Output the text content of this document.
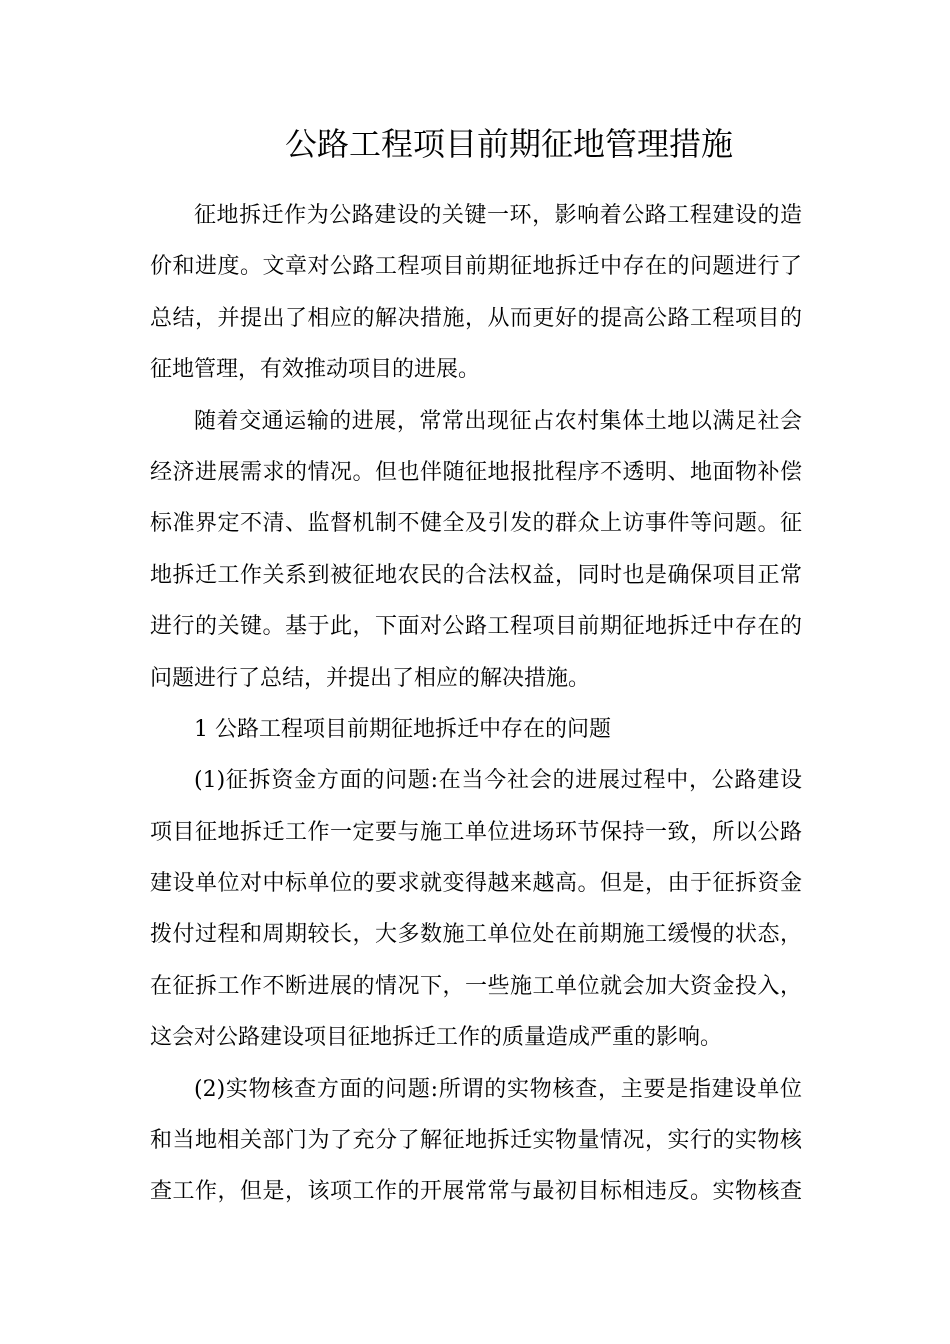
公路工程项目前期征地管理措施
征地拆迁作为公路建设的关键一环，影响着公路工程建设的造
价和进度。文章对公路工程项目前期征地拆迁中存在的问题进行了
总结，并提出了相应的解决措施，从而更好的提高公路工程项目的
征地管理，有效推动项目的进展。
随着交通运输的进展，常常出现征占农村集体土地以满足社会
经济进展需求的情况。但也伴随征地报批程序不透明、地面物补偿
标准界定不清、监督机制不健全及引发的群众上访事件等问题。征
地拆迁工作关系到被征地农民的合法权益，同时也是确保项目正常
进行的关键。基于此，下面对公路工程项目前期征地拆迁中存在的
问题进行了总结，并提出了相应的解决措施。
1 公路工程项目前期征地拆迁中存在的问题
(1)征拆资金方面的问题:在当今社会的进展过程中，公路建设
项目征地拆迁工作一定要与施工单位进场环节保持一致，所以公路
建设单位对中标单位的要求就变得越来越高。但是，由于征拆资金
拨付过程和周期较长，大多数施工单位处在前期施工缓慢的状态，
在征拆工作不断进展的情况下，一些施工单位就会加大资金投入，
这会对公路建设项目征地拆迁工作的质量造成严重的影响。
(2)实物核查方面的问题:所谓的实物核查，主要是指建设单位
和当地相关部门为了充分了解征地拆迁实物量情况，实行的实物核
查工作，但是，该项工作的开展常常与最初目标相违反。实物核查
